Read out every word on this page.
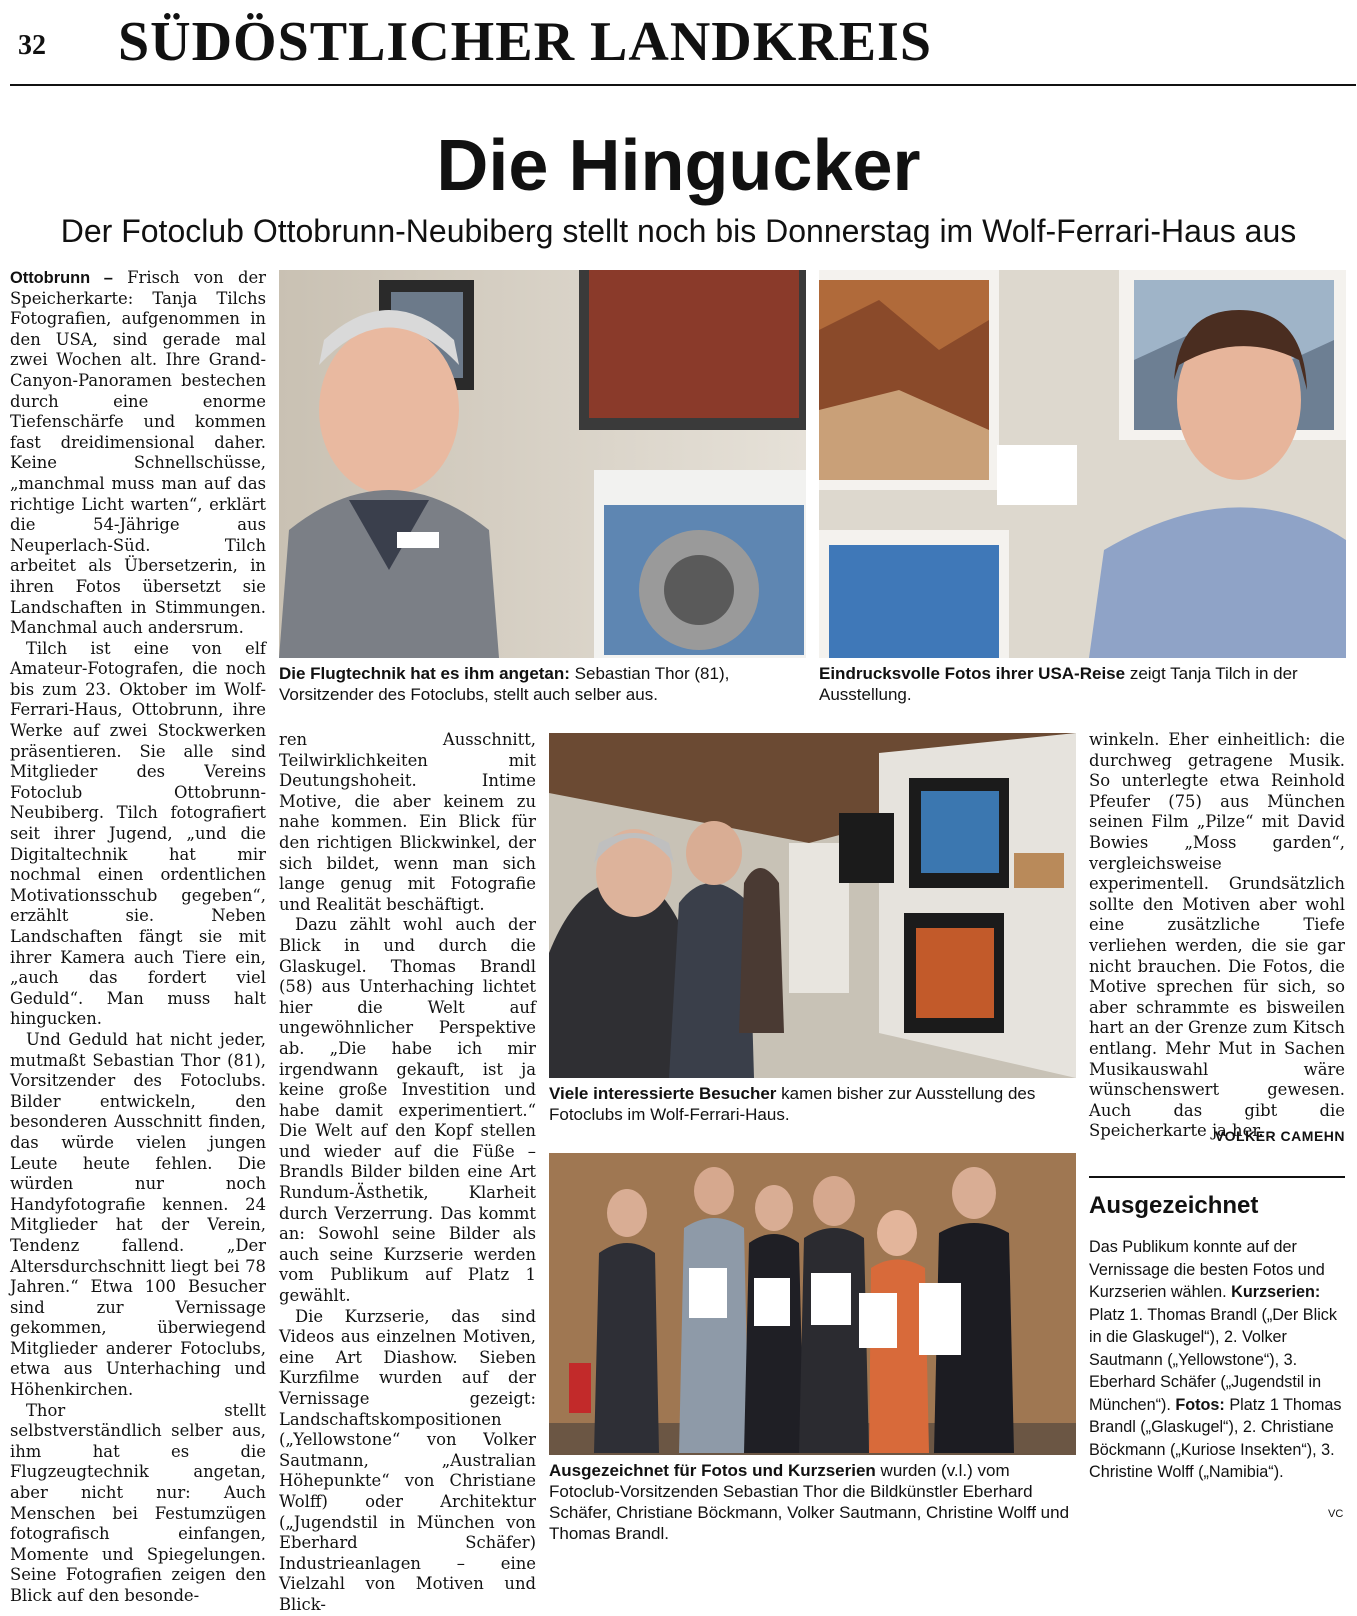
32 SÜDÖSTLICHER LANDKREIS
Die Hingucker
Der Fotoclub Ottobrunn-Neubiberg stellt noch bis Donnerstag im Wolf-Ferrari-Haus aus

Ottobrunn – Frisch von der Speicherkarte: Tanja Tilchs Fotografien, aufgenommen in den USA, sind gerade mal zwei Wochen alt. Ihre Grand-Canyon-Panoramen bestechen durch eine enorme Tiefenschärfe und kommen fast dreidimensional daher. Keine Schnellschüsse, „manchmal muss man auf das richtige Licht warten“, erklärt die 54-Jährige aus Neuperlach-Süd. Tilch arbeitet als Übersetzerin, in ihren Fotos übersetzt sie Landschaften in Stimmungen. Manchmal auch andersrum.

Tilch ist eine von elf Amateur-Fotografen, die noch bis zum 23. Oktober im Wolf-Ferrari-Haus, Ottobrunn, ihre Werke auf zwei Stockwerken präsentieren. Sie alle sind Mitglieder des Vereins Fotoclub Ottobrunn-Neubiberg. Tilch fotografiert seit ihrer Jugend, „und die Digitaltechnik hat mir nochmal einen ordentlichen Motivationsschub gegeben“, erzählt sie. Neben Landschaften fängt sie mit ihrer Kamera auch Tiere ein, „auch das fordert viel Geduld“. Man muss halt hingucken.

Und Geduld hat nicht jeder, mutmaßt Sebastian Thor (81), Vorsitzender des Fotoclubs. Bilder entwickeln, den besonderen Ausschnitt finden, das würde vielen jungen Leute heute fehlen. Die würden nur noch Handyfotografie kennen. 24 Mitglieder hat der Verein, Tendenz fallend. „Der Altersdurchschnitt liegt bei 78 Jahren.“ Etwa 100 Besucher sind zur Vernissage gekommen, überwiegend Mitglieder anderer Fotoclubs, etwa aus Unterhaching und Höhenkirchen.

Thor stellt selbstverständlich selber aus, ihm hat es die Flugzeugtechnik angetan, aber nicht nur: Auch Menschen bei Festumzügen fotografisch einfangen, Momente und Spiegelungen. Seine Fotografien zeigen den Blick auf den besonde-

Die Flugtechnik hat es ihm angetan: Sebastian Thor (81), Vorsitzender des Fotoclubs, stellt auch selber aus.
Eindrucksvolle Fotos ihrer USA-Reise zeigt Tanja Tilch in der Ausstellung.

ren Ausschnitt, Teilwirklichkeiten mit Deutungshoheit. Intime Motive, die aber keinem zu nahe kommen. Ein Blick für den richtigen Blickwinkel, der sich bildet, wenn man sich lange genug mit Fotografie und Realität beschäftigt.

Dazu zählt wohl auch der Blick in und durch die Glaskugel. Thomas Brandl (58) aus Unterhaching lichtet hier die Welt auf ungewöhnlicher Perspektive ab. „Die habe ich mir irgendwann gekauft, ist ja keine große Investition und habe damit experimentiert.“ Die Welt auf den Kopf stellen und wieder auf die Füße – Brandls Bilder bilden eine Art Rundum-Ästhetik, Klarheit durch Verzerrung. Das kommt an: Sowohl seine Bilder als auch seine Kurzserie werden vom Publikum auf Platz 1 gewählt.

Die Kurzserie, das sind Videos aus einzelnen Motiven, eine Art Diashow. Sieben Kurzfilme wurden auf der Vernissage gezeigt: Landschaftskompositionen („Yellowstone“ von Volker Sautmann, „Australian Höhepunkte“ von Christiane Wolff) oder Architektur („Jugendstil in München von Eberhard Schäfer) Industrieanlagen – eine Vielzahl von Motiven und Blick-

Viele interessierte Besucher kamen bisher zur Ausstellung des Fotoclubs im Wolf-Ferrari-Haus.
Ausgezeichnet für Fotos und Kurzserien wurden (v.l.) vom Fotoclub-Vorsitzenden Sebastian Thor die Bildkünstler Eberhard Schäfer, Christiane Böckmann, Volker Sautmann, Christine Wolff und Thomas Brandl.

winkeln. Eher einheitlich: die durchweg getragene Musik. So unterlegte etwa Reinhold Pfeufer (75) aus München seinen Film „Pilze“ mit David Bowies „Moss garden“, vergleichsweise experimentell. Grundsätzlich sollte den Motiven aber wohl eine zusätzliche Tiefe verliehen werden, die sie gar nicht brauchen. Die Fotos, die Motive sprechen für sich, so aber schrammte es bisweilen hart an der Grenze zum Kitsch entlang. Mehr Mut in Sachen Musikauswahl wäre wünschenswert gewesen. Auch das gibt die Speicherkarte ja her.

VOLKER CAMEHN
Ausgezeichnet
Das Publikum konnte auf der Vernissage die besten Fotos und Kurzserien wählen. Kurzserien: Platz 1. Thomas Brandl („Der Blick in die Glaskugel“), 2. Volker Sautmann („Yellowstone“), 3. Eberhard Schäfer („Jugendstil in München“). Fotos: Platz 1 Thomas Brandl („Glaskugel“), 2. Christiane Böckmann („Kuriose Insekten“), 3. Christine Wolff („Namibia“).
VC
